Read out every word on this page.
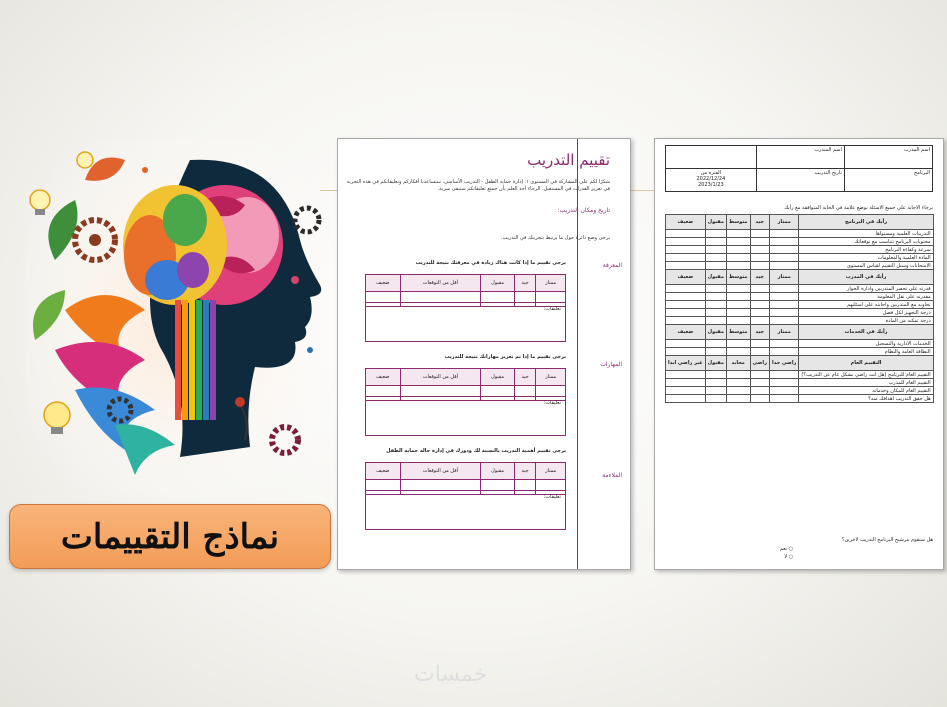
نماذج التقييمات
تقييم التدريب
شكرًا لكم على المشاركة في المستوى ١: إدارة حماية الطفل - التدريب الأساسي. ستساعدنا أفكاركم وتعليقاتكم في هذه التجربة في تعزيز القدرات في المستقبل. الرجاء أخذ العلم بأن جميع تعليقاتكم ستبقى سرية.
تاريخ ومكان التدريب:
يرجى وضع دائرة حول ما يرتبط بتجربتك في التدريب.
المعرفة
يرجى تقييم ما إذا كانت هناك زيادة في معرفتك نتيجة للتدريب
ممتاز	جيد	مقبول	أقل من التوقعات	ضعيف

تعليقات:
المهارات
يرجى تقييم ما إذا تم تعزيز مهاراتك نتيجة للتدريب
ممتاز	جيد	مقبول	أقل من التوقعات	ضعيف

تعليقات:
الملاءمة
يرجى تقييم أهمية التدريب بالنسبة لك ودورك في إدارة حالة حماية الطفل
ممتاز	جيد	مقبول	أقل من التوقعات	ضعيف

تعليقات:
اسم المدرب	اسم المتدرب	
البرنامج	تاريخ التدريب	الفترة من
2022/12/24
2023/1/23
يرجاء الاجابة على جميع الاسئلة بوضع علامة في الخانة المتوافقة مع رأيك
رأيك في البرنامج	ممتاز	جيد	متوسط	مقبول	ضعيف
التدريبات العلمية ومستواها					
محتويات البرنامج تتناسب مع توقعاتك					
سرعة وكفاءة البرنامج					
المادة العلمية والمعلومات					
الامتحانات وسبل التقييم لقياس المستوى					
رأيك في المدرب	ممتاز	جيد	متوسط	مقبول	ضعيف
قدرته على تحفيز المتدربين وادارة الحوار					
مقدرته على نقل المعلومة					
تجاوبه مع المتدربين واجابته على اسئلتهم					
درجة التجهيز لكل فصل					
درجة تمكنه من المادة					
رأيك في الخدمات	ممتاز	جيد	متوسط	مقبول	ضعيف
الخدمات الادارية والتسجيل					
النظافة العامة والنظام					
التقييم العام	راضي جدا	راضي	محايد	مقبول	غير راضي ابدا
التقييم العام للبرنامج (هل انت راضي بشكل عام عن التدريب؟)					
التقييم العام للمدرب					
التقييم العام للمكان وخدماته					
هل حقق التدريب اهدافك منه؟					
هل ستقوم بترشيح البرنامج التدريب لاخرين؟
○ نعم
○ لا
خمسات
